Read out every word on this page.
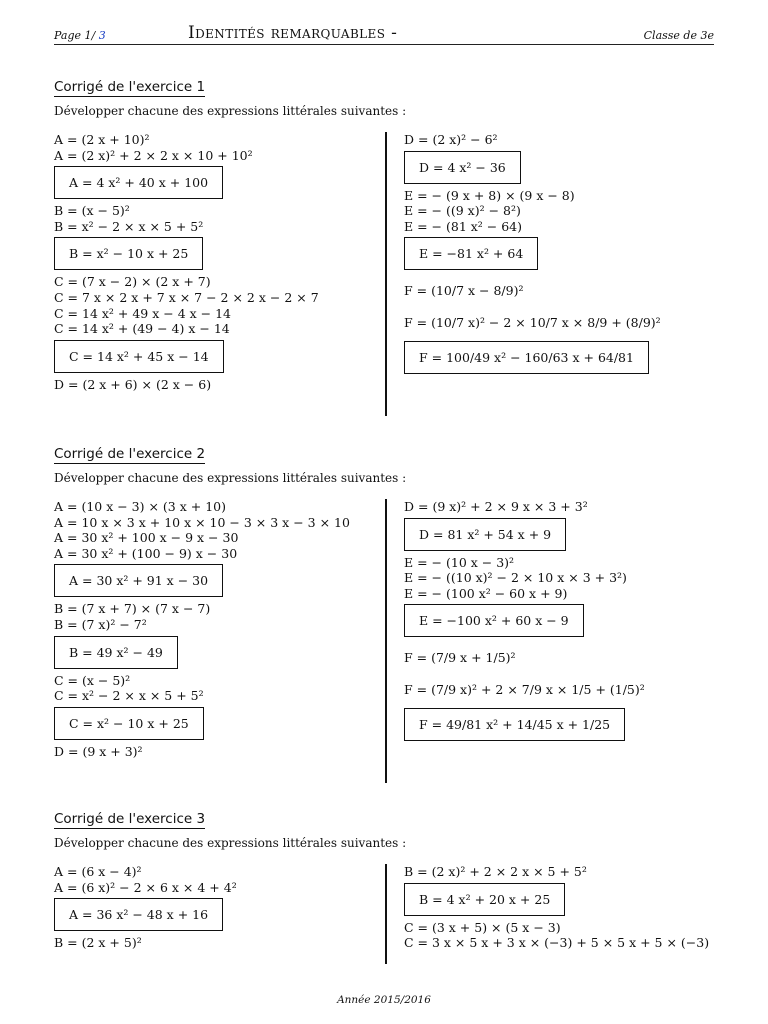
Page 1/ 3	Identités remarquables -	Classe de 3e
Corrigé de l'exercice 1
Développer chacune des expressions littérales suivantes :
A = (2 x + 10)²
A = (2 x)² + 2 × 2 x × 10 + 10²
A = 4 x² + 40 x + 100
B = (x − 5)²
B = x² − 2 × x × 5 + 5²
B = x² − 10 x + 25
C = (7 x − 2) × (2 x + 7)
C = 7 x × 2 x + 7 x × 7 − 2 × 2 x − 2 × 7
C = 14 x² + 49 x − 4 x − 14
C = 14 x² + (49 − 4) x − 14
C = 14 x² + 45 x − 14
D = (2 x + 6) × (2 x − 6)
D = (2 x)² − 6²
D = 4 x² − 36
E = − (9 x + 8) × (9 x − 8)
E = − ((9 x)² − 8²)
E = − (81 x² − 64)
E = −81 x² + 64
F = (10/7 x − 8/9)²
F = (10/7 x)² − 2 × 10/7 x × 8/9 + (8/9)²
F = 100/49 x² − 160/63 x + 64/81
Corrigé de l'exercice 2
Développer chacune des expressions littérales suivantes :
A = (10 x − 3) × (3 x + 10)
A = 10 x × 3 x + 10 x × 10 − 3 × 3 x − 3 × 10
A = 30 x² + 100 x − 9 x − 30
A = 30 x² + (100 − 9) x − 30
A = 30 x² + 91 x − 30
B = (7 x + 7) × (7 x − 7)
B = (7 x)² − 7²
B = 49 x² − 49
C = (x − 5)²
C = x² − 2 × x × 5 + 5²
C = x² − 10 x + 25
D = (9 x + 3)²
D = (9 x)² + 2 × 9 x × 3 + 3²
D = 81 x² + 54 x + 9
E = − (10 x − 3)²
E = − ((10 x)² − 2 × 10 x × 3 + 3²)
E = − (100 x² − 60 x + 9)
E = −100 x² + 60 x − 9
F = (7/9 x + 1/5)²
F = (7/9 x)² + 2 × 7/9 x × 1/5 + (1/5)²
F = 49/81 x² + 14/45 x + 1/25
Corrigé de l'exercice 3
Développer chacune des expressions littérales suivantes :
A = (6 x − 4)²
A = (6 x)² − 2 × 6 x × 4 + 4²
A = 36 x² − 48 x + 16
B = (2 x + 5)²
B = (2 x)² + 2 × 2 x × 5 + 5²
B = 4 x² + 20 x + 25
C = (3 x + 5) × (5 x − 3)
C = 3 x × 5 x + 3 x × (−3) + 5 × 5 x + 5 × (−3)
Année 2015/2016
